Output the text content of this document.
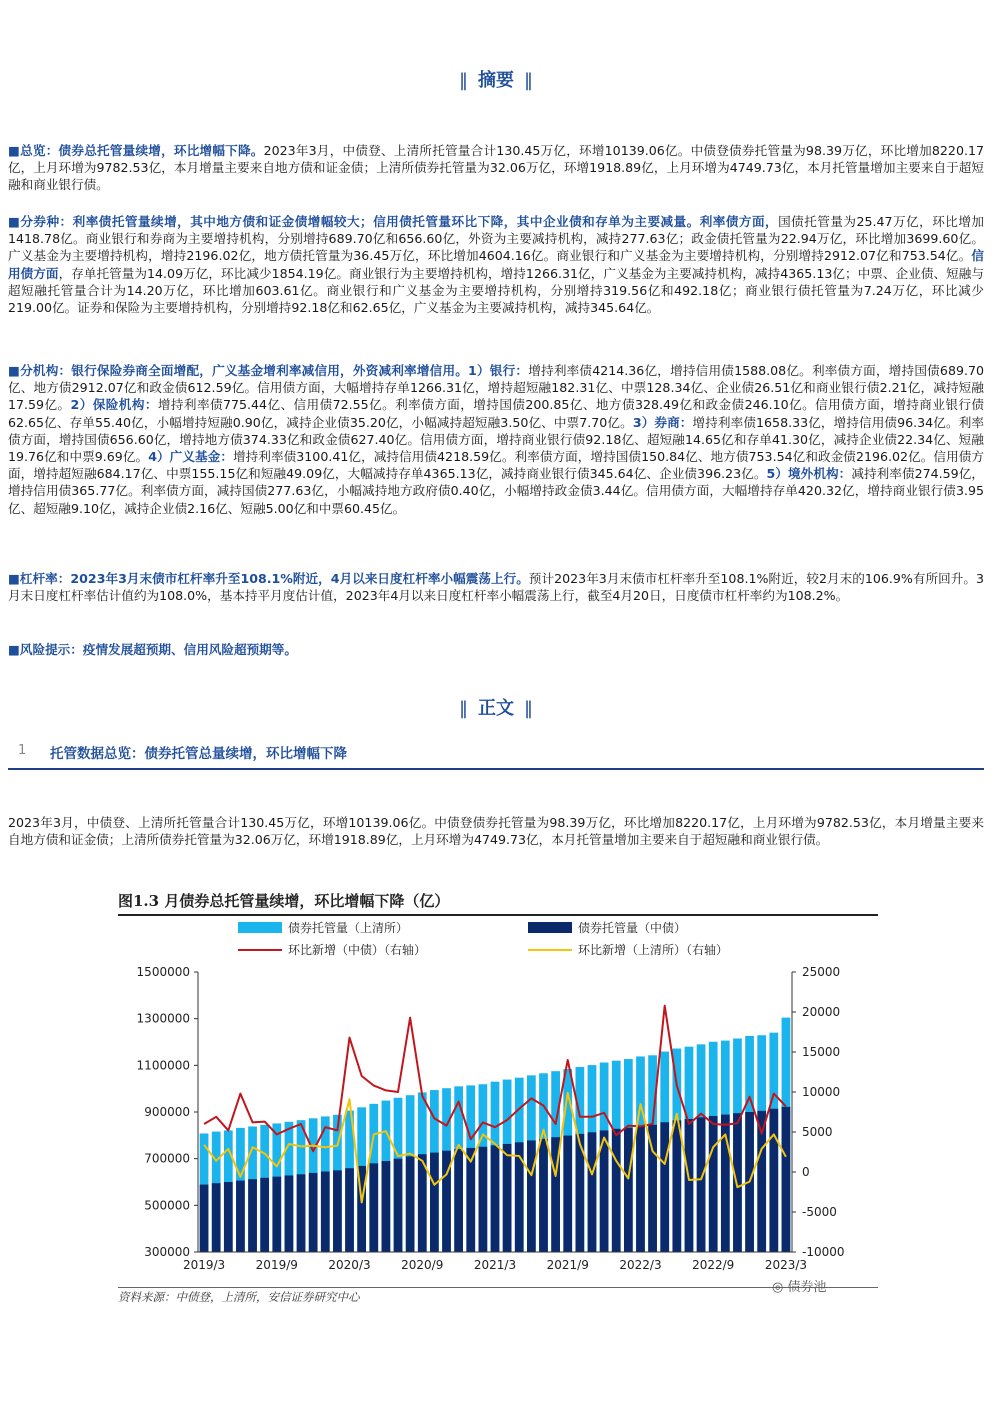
‖ 摘要 ‖
■总览：债券总托管量续增，环比增幅下降。2023年3月，中债登、上清所托管量合计130.45万亿，环增10139.06亿。中债登债券托管量为98.39万亿，环比增加8220.17亿，上月环增为9782.53亿，本月增量主要来自地方债和证金债；上清所债券托管量为32.06万亿，环增1918.89亿，上月环增为4749.73亿，本月托管量增加主要来自于超短融和商业银行债。
■分券种：利率债托管量续增，其中地方债和证金债增幅较大；信用债托管量环比下降，其中企业债和存单为主要减量。利率债方面，国债托管量为25.47万亿，环比增加1418.78亿。商业银行和券商为主要增持机构，分别增持689.70亿和656.60亿，外资为主要减持机构，减持277.63亿；政金债托管量为22.94万亿，环比增加3699.60亿。广义基金为主要增持机构，增持2196.02亿，地方债托管量为36.45万亿，环比增加4604.16亿。商业银行和广义基金为主要增持机构，分别增持2912.07亿和753.54亿。信用债方面，存单托管量为14.09万亿，环比减少1854.19亿。商业银行为主要增持机构，增持1266.31亿，广义基金为主要减持机构，减持4365.13亿；中票、企业债、短融与超短融托管量合计为14.20万亿，环比增加603.61亿。商业银行和广义基金为主要增持机构，分别增持319.56亿和492.18亿；商业银行债托管量为7.24万亿，环比减少219.00亿。证券和保险为主要增持机构，分别增持92.18亿和62.65亿，广义基金为主要减持机构，减持345.64亿。
■分机构：银行保险券商全面增配，广义基金增利率减信用，外资减利率增信用。1）银行：增持利率债4214.36亿，增持信用债1588.08亿。利率债方面，增持国债689.70亿、地方债2912.07亿和政金债612.59亿。信用债方面，大幅增持存单1266.31亿，增持超短融182.31亿、中票128.34亿、企业债26.51亿和商业银行债2.21亿，减持短融17.59亿。2）保险机构：增持利率债775.44亿、信用债72.55亿。利率债方面，增持国债200.85亿、地方债328.49亿和政金债246.10亿。信用债方面，增持商业银行债62.65亿、存单55.40亿，小幅增持短融0.90亿，减持企业债35.20亿，小幅减持超短融3.50亿、中票7.70亿。3）券商：增持利率债1658.33亿，增持信用债96.34亿。利率债方面，增持国债656.60亿，增持地方债374.33亿和政金债627.40亿。信用债方面，增持商业银行债92.18亿、超短融14.65亿和存单41.30亿，减持企业债22.34亿、短融19.76亿和中票9.69亿。4）广义基金：增持利率债3100.41亿，减持信用债4218.59亿。利率债方面，增持国债150.84亿、地方债753.54亿和政金债2196.02亿。信用债方面，增持超短融684.17亿、中票155.15亿和短融49.09亿，大幅减持存单4365.13亿，减持商业银行债345.64亿、企业债396.23亿。5）境外机构：减持利率债274.59亿，增持信用债365.77亿。利率债方面，减持国债277.63亿，小幅减持地方政府债0.40亿，小幅增持政金债3.44亿。信用债方面，大幅增持存单420.32亿，增持商业银行债3.95亿、超短融9.10亿，减持企业债2.16亿、短融5.00亿和中票60.45亿。
■杠杆率：2023年3月末债市杠杆率升至108.1%附近，4月以来日度杠杆率小幅震荡上行。预计2023年3月末债市杠杆率升至108.1%附近，较2月末的106.9%有所回升。3月末日度杠杆率估计值约为108.0%，基本持平月度估计值，2023年4月以来日度杠杆率小幅震荡上行，截至4月20日，日度债市杠杆率约为108.2%。
■风险提示：疫情发展超预期、信用风险超预期等。
‖ 正文 ‖
1 托管数据总览：债券托管总量续增，环比增幅下降
2023年3月，中债登、上清所托管量合计130.45万亿，环增10139.06亿。中债登债券托管量为98.39万亿，环比增加8220.17亿，上月环增为9782.53亿，本月增量主要来自地方债和证金债；上清所债券托管量为32.06万亿，环增1918.89亿，上月环增为4749.73亿，本月托管量增加主要来自于超短融和商业银行债。
图1.3 月债券总托管量续增，环比增幅下降（亿）
债券托管量（上清所）	债券托管量（中债）
环比新增（中债）（右轴）	环比新增（上清所）（右轴）
300000
500000
700000
900000
1100000
1300000
1500000
-10000
-5000
0
5000
10000
15000
20000
25000
2019/3	2019/9	2020/3	2020/9	2021/3	2021/9	2022/3	2022/9	2023/3
资料来源：中债登，上清所，安信证券研究中心
◎ 债券池
